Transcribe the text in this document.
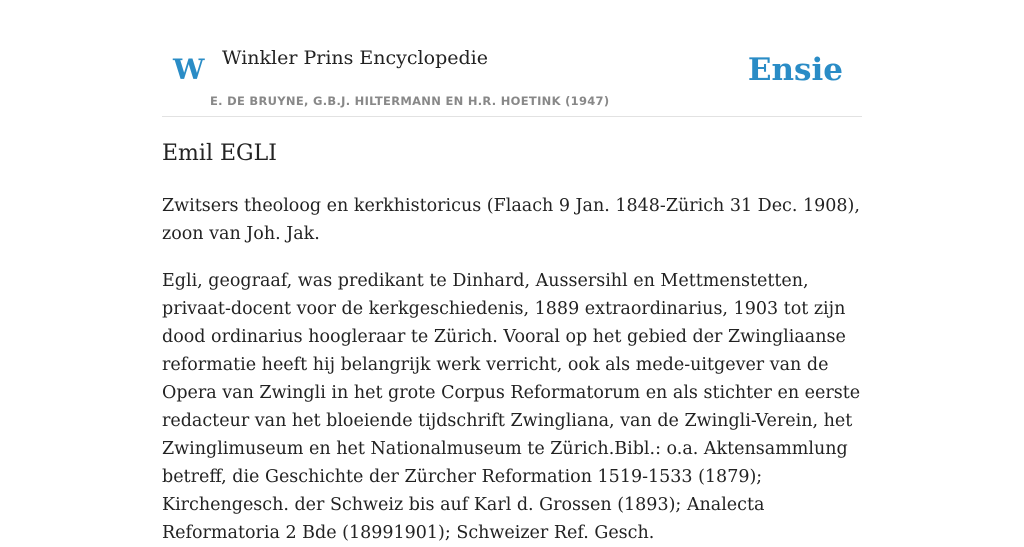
W Winkler Prins Encyclopedie
E. DE BRUYNE, G.B.J. HILTERMANN EN H.R. HOETINK (1947)
Ensie
Emil EGLI

Zwitsers theoloog en kerkhistoricus (Flaach 9 Jan. 1848-Zürich 31 Dec. 1908), zoon van Joh. Jak.

Egli, geograaf, was predikant te Dinhard, Aussersihl en Mettmenstetten, privaat-docent voor de kerkgeschiedenis, 1889 extraordinarius, 1903 tot zijn dood ordinarius hoogleraar te Zürich. Vooral op het gebied der Zwingliaanse reformatie heeft hij belangrijk werk verricht, ook als mede-uitgever van de Opera van Zwingli in het grote Corpus Reformatorum en als stichter en eerste redacteur van het bloeiende tijdschrift Zwingliana, van de Zwingli-Verein, het Zwinglimuseum en het Nationalmuseum te Zürich.Bibl.: o.a. Aktensammlung betreff, die Geschichte der Zürcher Reformation 1519-1533 (1879); Kirchengesch. der Schweiz bis auf Karl d. Grossen (1893); Analecta Reformatoria 2 Bde (18991901); Schweizer Ref. Gesch.
